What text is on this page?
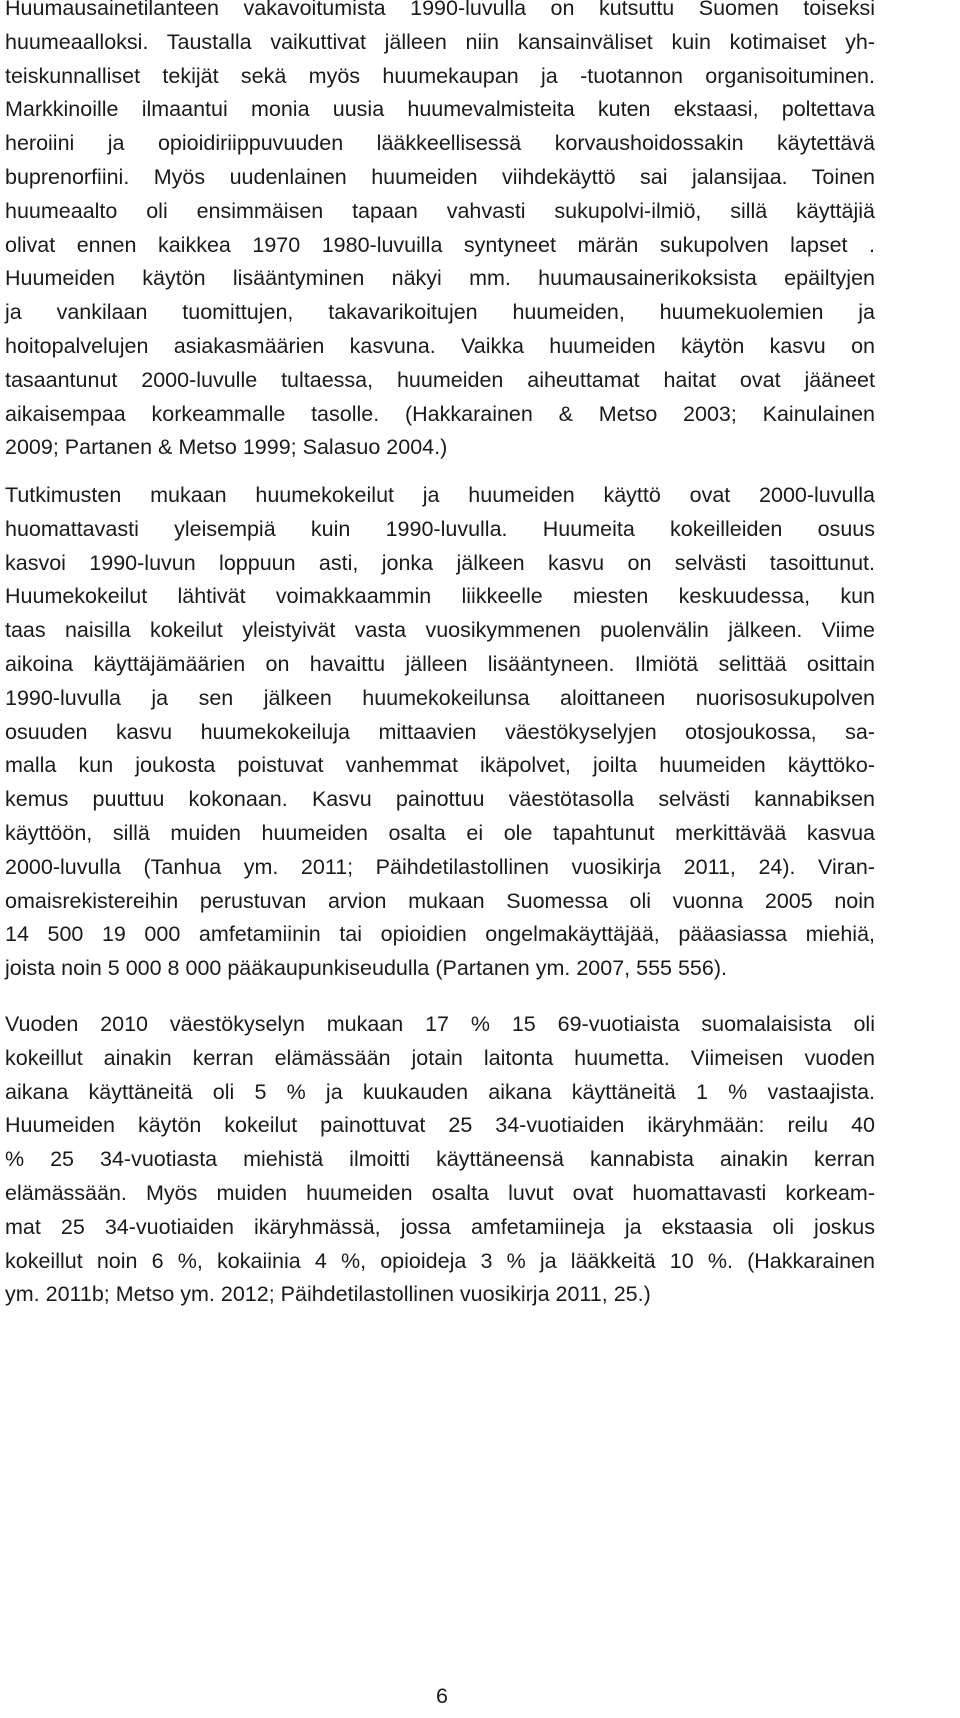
Huumausainetilanteen vakavoitumista 1990-luvulla on kutsuttu Suomen toiseksi
huumeaalloksi. Taustalla vaikuttivat jälleen niin kansainväliset kuin kotimaiset yh-
teiskunnalliset tekijät sekä myös huumekaupan ja -tuotannon organisoituminen.
Markkinoille ilmaantui monia uusia huumevalmisteita kuten ekstaasi, poltettava
heroiini ja opioidiriippuvuuden lääkkeellisessä korvaushoidossakin käytettävä
buprenorfiini. Myös uudenlainen huumeiden viihdekäyttö sai jalansijaa. Toinen
huumeaalto oli ensimmäisen tapaan vahvasti sukupolvi-ilmiö, sillä käyttäjiä
olivat ennen kaikkea 1970 1980-luvuilla syntyneet märän sukupolven lapset .
Huumeiden käytön lisääntyminen näkyi mm. huumausainerikoksista epäiltyjen
ja vankilaan tuomittujen, takavarikoitujen huumeiden, huumekuolemien ja
hoitopalvelujen asiakasmäärien kasvuna. Vaikka huumeiden käytön kasvu on
tasaantunut 2000-luvulle tultaessa, huumeiden aiheuttamat haitat ovat jääneet
aikaisempaa korkeammalle tasolle. (Hakkarainen & Metso 2003; Kainulainen
2009; Partanen & Metso 1999; Salasuo 2004.)

Tutkimusten mukaan huumekokeilut ja huumeiden käyttö ovat 2000-luvulla
huomattavasti yleisempiä kuin 1990-luvulla. Huumeita kokeilleiden osuus
kasvoi 1990-luvun loppuun asti, jonka jälkeen kasvu on selvästi tasoittunut.
Huumekokeilut lähtivät voimakkaammin liikkeelle miesten keskuudessa, kun
taas naisilla kokeilut yleistyivät vasta vuosikymmenen puolenvälin jälkeen. Viime
aikoina käyttäjämäärien on havaittu jälleen lisääntyneen. Ilmiötä selittää osittain
1990-luvulla ja sen jälkeen huumekokeilunsa aloittaneen nuorisosukupolven
osuuden kasvu huumekokeiluja mittaavien väestökyselyjen otosjoukossa, sa-
malla kun joukosta poistuvat vanhemmat ikäpolvet, joilta huumeiden käyttöko-
kemus puuttuu kokonaan. Kasvu painottuu väestötasolla selvästi kannabiksen
käyttöön, sillä muiden huumeiden osalta ei ole tapahtunut merkittävää kasvua
2000-luvulla (Tanhua ym. 2011; Päihdetilastollinen vuosikirja 2011, 24). Viran-
omaisrekistereihin perustuvan arvion mukaan Suomessa oli vuonna 2005 noin
14 500 19 000 amfetamiinin tai opioidien ongelmakäyttäjää, pääasiassa miehiä,
joista noin 5 000 8 000 pääkaupunkiseudulla (Partanen ym. 2007, 555 556).

Vuoden 2010 väestökyselyn mukaan 17 % 15 69-vuotiaista suomalaisista oli
kokeillut ainakin kerran elämässään jotain laitonta huumetta. Viimeisen vuoden
aikana käyttäneitä oli 5 % ja kuukauden aikana käyttäneitä 1 % vastaajista.
Huumeiden käytön kokeilut painottuvat 25 34-vuotiaiden ikäryhmään: reilu 40
% 25 34-vuotiasta miehistä ilmoitti käyttäneensä kannabista ainakin kerran
elämässään. Myös muiden huumeiden osalta luvut ovat huomattavasti korkeam-
mat 25 34-vuotiaiden ikäryhmässä, jossa amfetamiineja ja ekstaasia oli joskus
kokeillut noin 6 %, kokaiinia 4 %, opioideja 3 % ja lääkkeitä 10 %. (Hakkarainen
ym. 2011b; Metso ym. 2012; Päihdetilastollinen vuosikirja 2011, 25.)

6
